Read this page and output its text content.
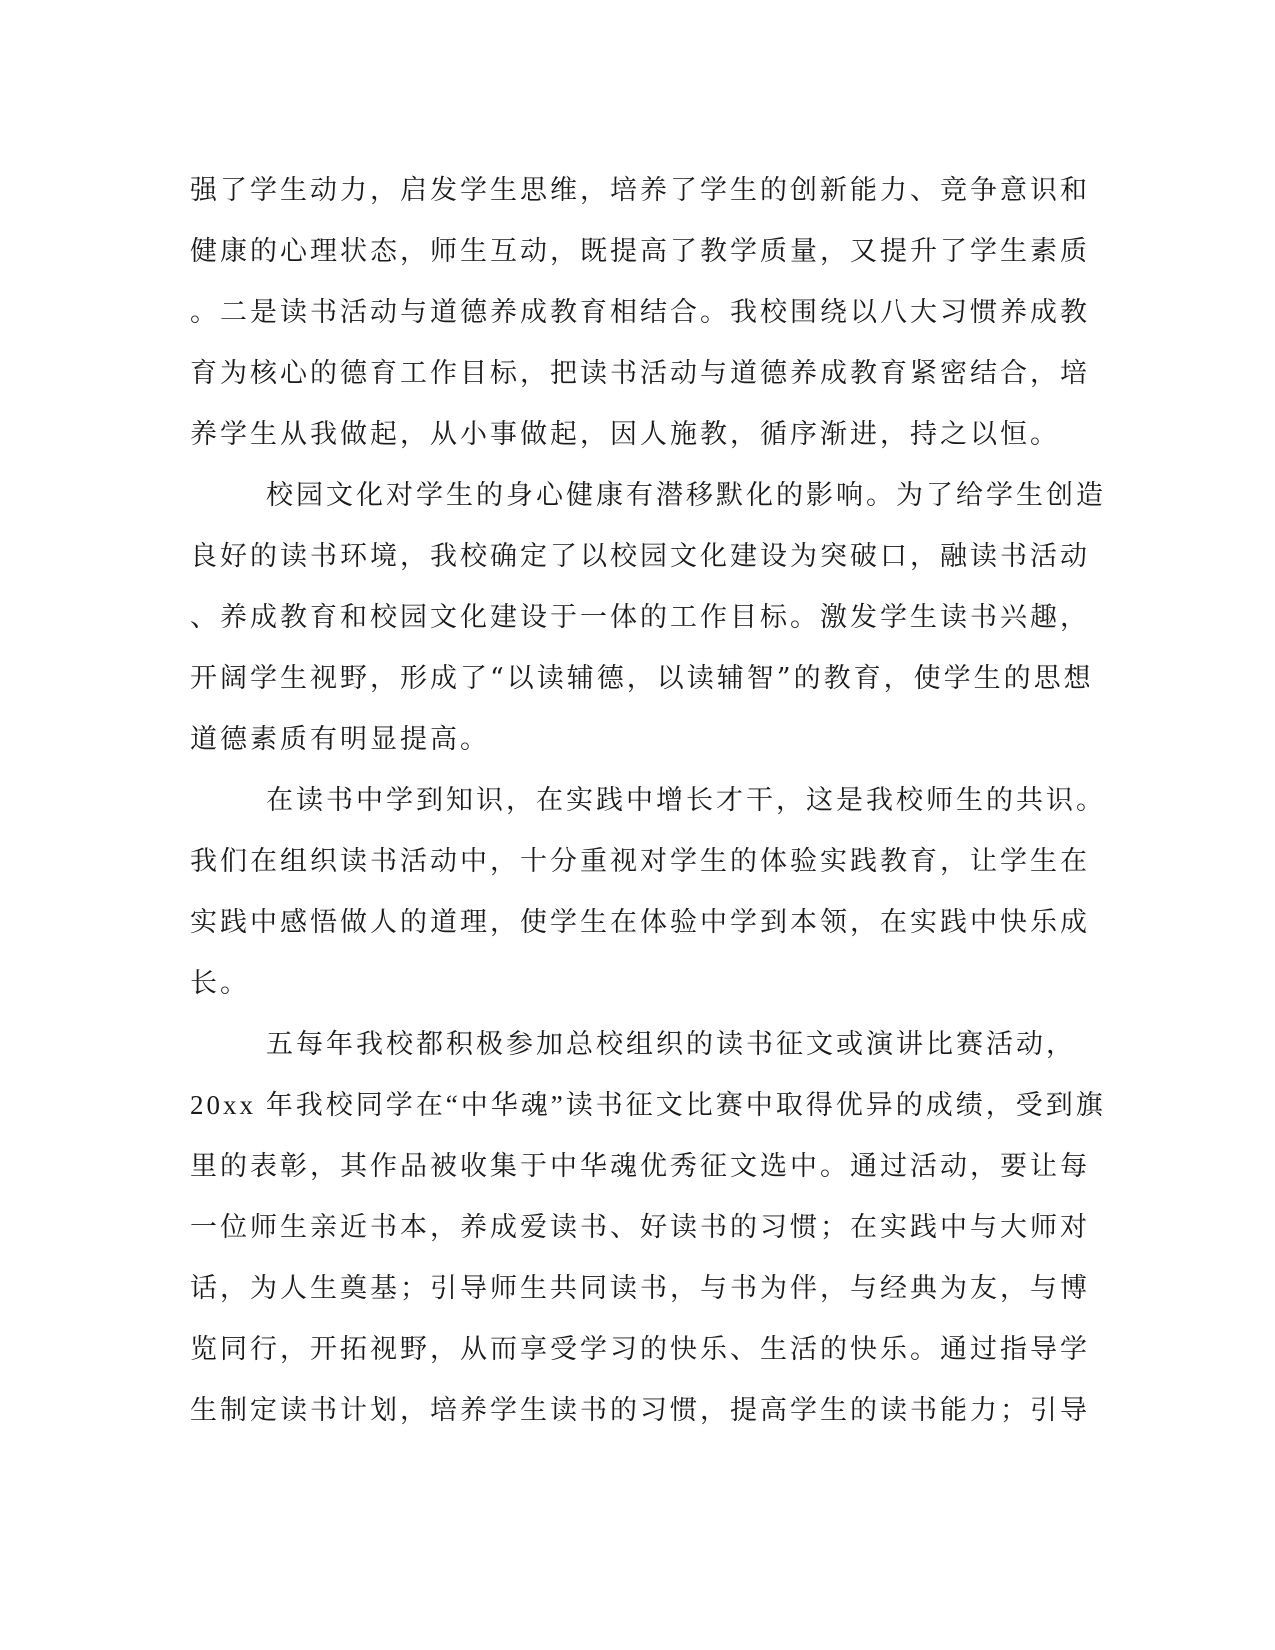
强了学生动力，启发学生思维，培养了学生的创新能力、竞争意识和
健康的心理状态，师生互动，既提高了教学质量，又提升了学生素质
。二是读书活动与道德养成教育相结合。我校围绕以八大习惯养成教
育为核心的德育工作目标，把读书活动与道德养成教育紧密结合，培
养学生从我做起，从小事做起，因人施教，循序渐进，持之以恒。
校园文化对学生的身心健康有潜移默化的影响。为了给学生创造
良好的读书环境，我校确定了以校园文化建设为突破口，融读书活动
、养成教育和校园文化建设于一体的工作目标。激发学生读书兴趣，
开阔学生视野，形成了“以读辅德，以读辅智”的教育，使学生的思想
道德素质有明显提高。
在读书中学到知识，在实践中增长才干，这是我校师生的共识。
我们在组织读书活动中，十分重视对学生的体验实践教育，让学生在
实践中感悟做人的道理，使学生在体验中学到本领，在实践中快乐成
长。
五每年我校都积极参加总校组织的读书征文或演讲比赛活动，
20xx 年我校同学在“中华魂”读书征文比赛中取得优异的成绩，受到旗
里的表彰，其作品被收集于中华魂优秀征文选中。通过活动，要让每
一位师生亲近书本，养成爱读书、好读书的习惯；在实践中与大师对
话，为人生奠基；引导师生共同读书，与书为伴，与经典为友，与博
览同行，开拓视野，从而享受学习的快乐、生活的快乐。通过指导学
生制定读书计划，培养学生读书的习惯，提高学生的读书能力；引导
